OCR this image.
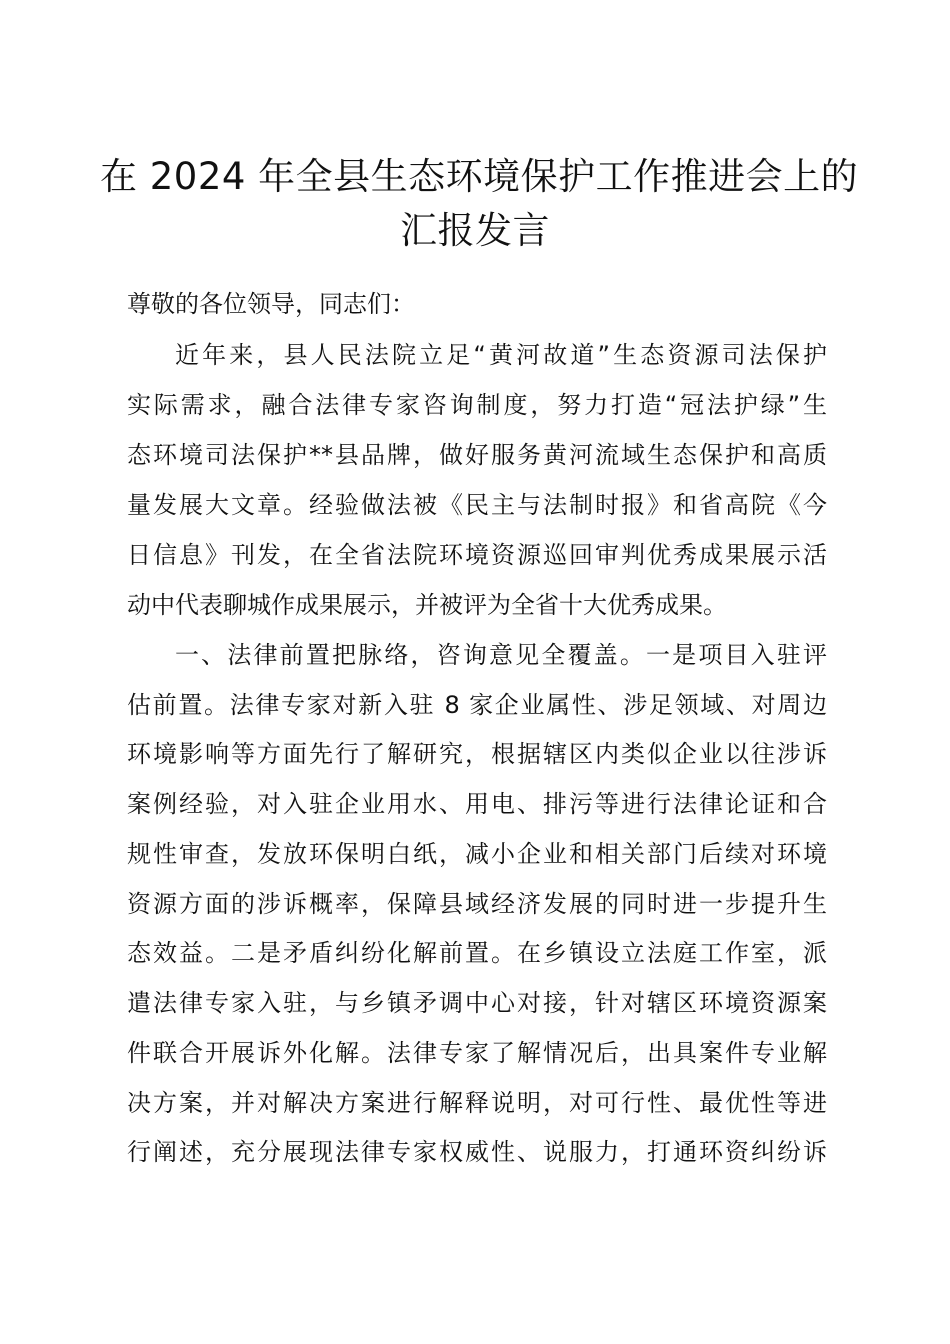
在 2024 年全县生态环境保护工作推进会上的
汇报发言
尊敬的各位领导，同志们：
近年来，县人民法院立足“黄河故道”生态资源司法保护
实际需求，融合法律专家咨询制度，努力打造“冠法护绿”生
态环境司法保护**县品牌，做好服务黄河流域生态保护和高质
量发展大文章。经验做法被《民主与法制时报》和省高院《今
日信息》刊发，在全省法院环境资源巡回审判优秀成果展示活
动中代表聊城作成果展示，并被评为全省十大优秀成果。
一、法律前置把脉络，咨询意见全覆盖。一是项目入驻评
估前置。法律专家对新入驻 8 家企业属性、涉足领域、对周边
环境影响等方面先行了解研究，根据辖区内类似企业以往涉诉
案例经验，对入驻企业用水、用电、排污等进行法律论证和合
规性审查，发放环保明白纸，减小企业和相关部门后续对环境
资源方面的涉诉概率，保障县域经济发展的同时进一步提升生
态效益。二是矛盾纠纷化解前置。在乡镇设立法庭工作室，派
遣法律专家入驻，与乡镇矛调中心对接，针对辖区环境资源案
件联合开展诉外化解。法律专家了解情况后，出具案件专业解
决方案，并对解决方案进行解释说明，对可行性、最优性等进
行阐述，充分展现法律专家权威性、说服力，打通环资纠纷诉
